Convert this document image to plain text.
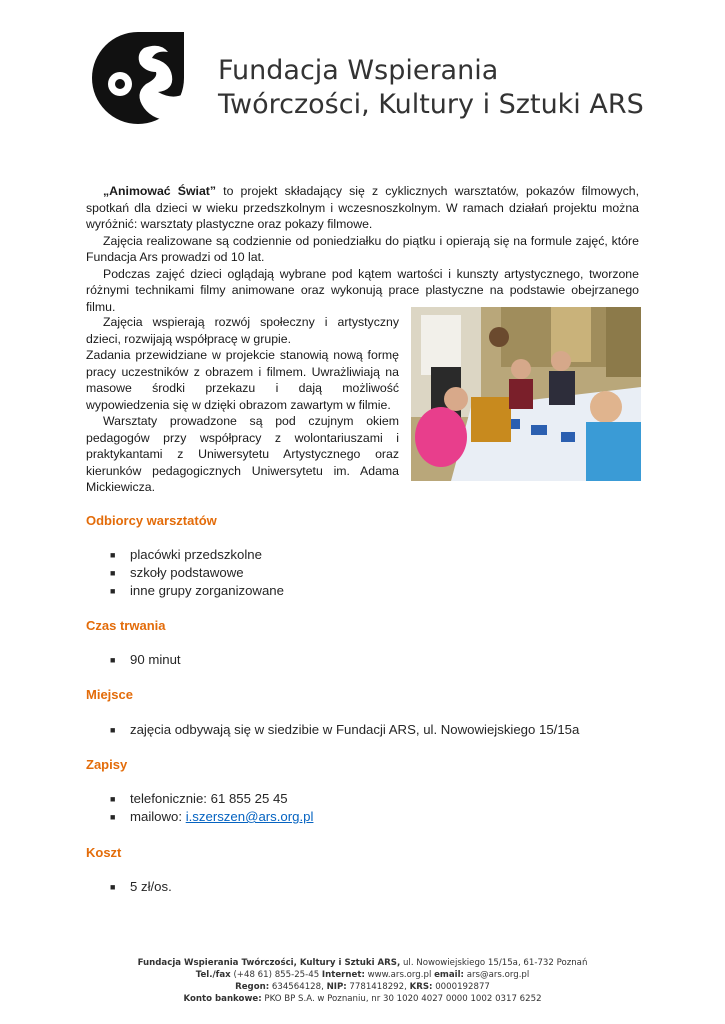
Fundacja Wspierania
Twórczości, Kultury i Sztuki ARS

„Animować Świat” to projekt składający się z cyklicznych warsztatów, pokazów filmowych, spotkań dla dzieci w wieku przedszkolnym i wczesnoszkolnym. W ramach działań projektu można wyróżnić: warsztaty plastyczne oraz pokazy filmowe.

Zajęcia realizowane są codziennie od poniedziałku do piątku i opierają się na formule zajęć, które Fundacja Ars prowadzi od 10 lat.

Podczas zajęć dzieci oglądają wybrane pod kątem wartości i kunszty artystycznego, tworzone różnymi technikami filmy animowane oraz wykonują prace plastyczne na podstawie obejrzanego filmu.

Zajęcia wspierają rozwój społeczny i artystyczny dzieci, rozwijają współpracę w grupie.

Zadania przewidziane w projekcie stanowią nową formę pracy uczestników z obrazem i filmem. Uwrażliwiają na masowe środki przekazu i dają możliwość wypowiedzenia się w dzięki obrazom zawartym w filmie.

Warsztaty prowadzone są pod czujnym okiem pedagogów przy współpracy z wolontariuszami i praktykantami z Uniwersytetu Artystycznego oraz kierunków pedagogicznych Uniwersytetu im. Adama Mickiewicza.

Odbiorcy warsztatów
■ placówki przedszkolne
■ szkoły podstawowe
■ inne grupy zorganizowane
Czas trwania
■ 90 minut
Miejsce
■ zajęcia odbywają się w siedzibie w Fundacji ARS, ul. Nowowiejskiego 15/15a
Zapisy
■ telefonicznie: 61 855 25 45
■ mailowo: i.szerszen@ars.org.pl
Koszt
■ 5 zł/os.
Fundacja Wspierania Twórczości, Kultury i Sztuki ARS, ul. Nowowiejskiego 15/15a, 61-732 Poznań
Tel./fax (+48 61) 855-25-45 Internet: www.ars.org.pl email: ars@ars.org.pl
Regon: 634564128, NIP: 7781418292, KRS: 0000192877
Konto bankowe: PKO BP S.A. w Poznaniu, nr 30 1020 4027 0000 1002 0317 6252
